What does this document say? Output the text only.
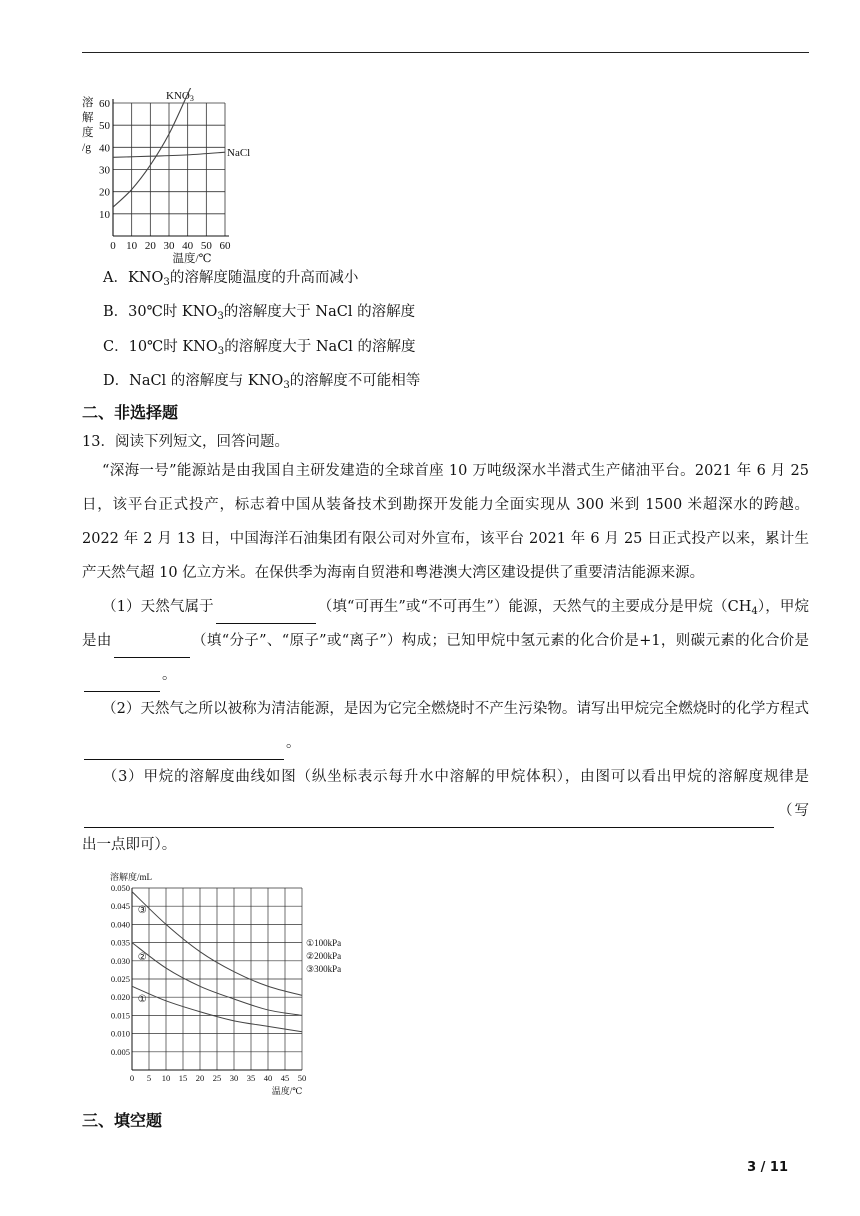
10
20
30
40
50
60
0 10 20 30 40 50 60
溶
解
度
/g
温度/℃
KNO3
NaCl
A．$KNO_3$的溶解度随温度的升高而减小
B．30℃时 $KNO_3$的溶解度大于 NaCl 的溶解度
C．10℃时 $KNO_3$的溶解度大于 NaCl 的溶解度
D．NaCl 的溶解度与 $KNO_3$的溶解度不可能相等
二、非选择题
13．阅读下列短文，回答问题。
“深海一号”能源站是由我国自主研发建造的全球首座 10 万吨级深水半潜式生产储油平台。2021 年 6 月 25 日，该平台正式投产，标志着中国从装备技术到勘探开发能力全面实现从 300 米到 1500 米超深水的跨越。2022 年 2 月 13 日，中国海洋石油集团有限公司对外宣布，该平台 2021 年 6 月 25 日正式投产以来，累计生产天然气超 10 亿立方米。在保供季为海南自贸港和粤港澳大湾区建设提供了重要清洁能源来源。
（1）天然气属于	（填“可再生”或“不可再生”）能源，天然气的主要成分是甲烷$(CH_4)$，甲烷是由	（填“分子”、“原子”或“离子”）构成；已知甲烷中氢元素的化合价是+1，则碳元素的化合价是。
（2）天然气之所以被称为清洁能源，是因为它完全燃烧时不产生污染物。请写出甲烷完全燃烧时的化学方程式。
（3）甲烷的溶解度曲线如图（纵坐标表示每升水中溶解的甲烷体积），由图可以看出甲烷的溶解度规律是（写出一点即可）。
0.050
0.045
0.040
0.035
0.030
0.025
0.020
0.015
0.010
0.005
0 5 10 15 20 25 30 35 40 45 50
溶解度/mL
温度/℃
①
②
③
①100kPa
②200kPa
③300kPa
三、填空题
3 / 11
